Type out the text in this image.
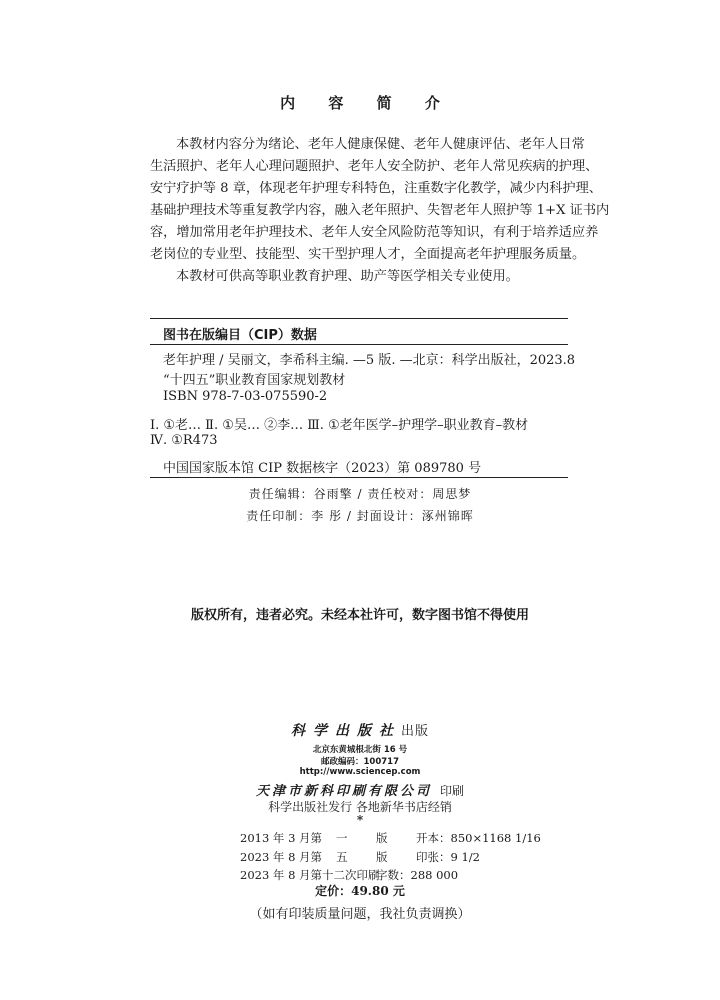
内 容 简 介

本教材内容分为绪论、老年人健康保健、老年人健康评估、老年人日常

生活照护、老年人心理问题照护、老年人安全防护、老年人常见疾病的护理、

安宁疗护等 8 章，体现老年护理专科特色，注重数字化教学，减少内科护理、

基础护理技术等重复教学内容，融入老年照护、失智老年人照护等 1+X 证书内

容，增加常用老年护理技术、老年人安全风险防范等知识，有利于培养适应养

老岗位的专业型、技能型、实干型护理人才，全面提高老年护理服务质量。

本教材可供高等职业教育护理、助产等医学相关专业使用。

图书在版编目（CIP）数据
老年护理 / 吴丽文，李希科主编. —5 版. —北京：科学出版社，2023.8
“十四五”职业教育国家规划教材
ISBN 978-7-03-075590-2
Ⅰ. ①老… Ⅱ. ①吴… ②李… Ⅲ. ①老年医学–护理学–职业教育–教材
Ⅳ. ①R473
中国国家版本馆 CIP 数据核字（2023）第 089780 号
责任编辑：谷雨擎 / 责任校对：周思梦
责任印制：李 彤 / 封面设计：涿州锦晖
版权所有，违者必究。未经本社许可，数字图书馆不得使用
科学出版社出版
北京东黄城根北街 16 号
邮政编码：100717
http://www.sciencep.com
天津市新科印刷有限公司 印刷
科学出版社发行 各地新华书店经销
*
2013 年 3 月第 一 版 开本：850×1168 1/16
2023 年 8 月第 五 版 印张：9 1/2
2023 年 8 月第十二次印刷字数：288 000
定价：49.80 元
（如有印装质量问题，我社负责调换）
